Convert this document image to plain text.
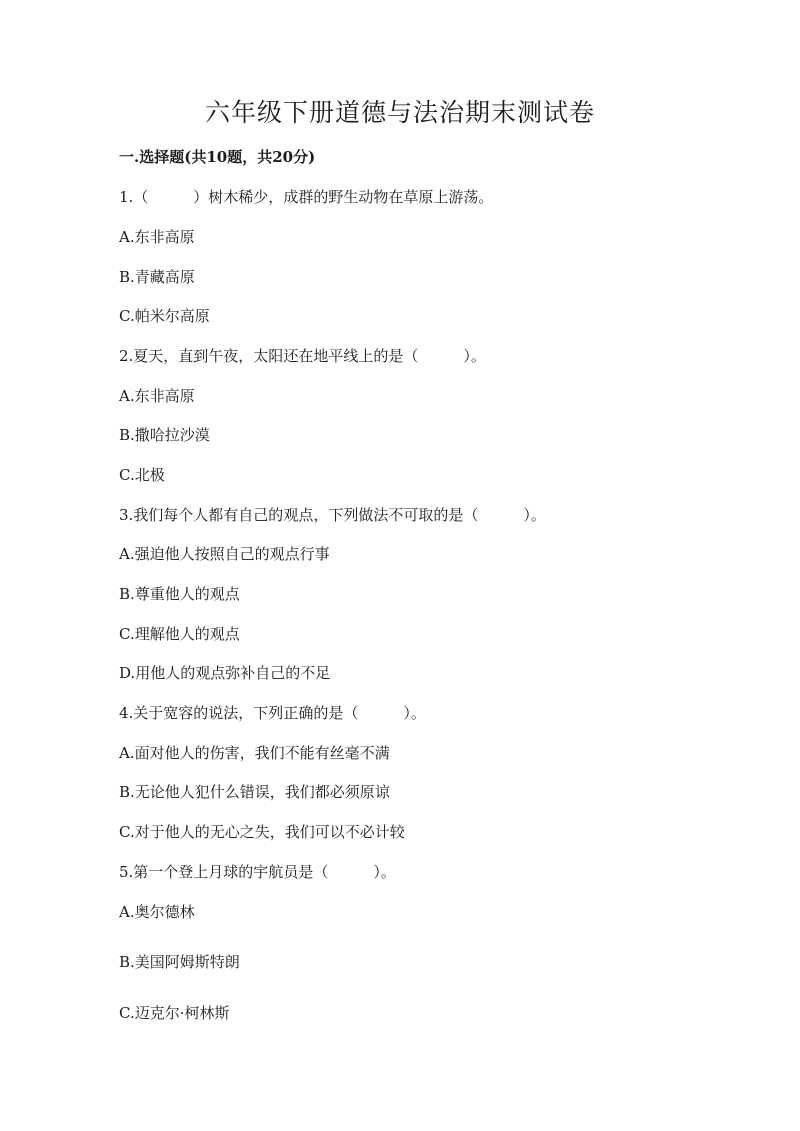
六年级下册道德与法治期末测试卷
一.选择题(共10题，共20分)
1.（　　　）树木稀少，成群的野生动物在草原上游荡。
A.东非高原
B.青藏高原
C.帕米尔高原
2.夏天，直到午夜，太阳还在地平线上的是（　　　）。
A.东非高原
B.撒哈拉沙漠
C.北极
3.我们每个人都有自己的观点，下列做法不可取的是（　　　）。
A.强迫他人按照自己的观点行事
B.尊重他人的观点
C.理解他人的观点
D.用他人的观点弥补自己的不足
4.关于宽容的说法，下列正确的是（　　　）。
A.面对他人的伤害，我们不能有丝毫不满
B.无论他人犯什么错误，我们都必须原谅
C.对于他人的无心之失，我们可以不必计较
5.第一个登上月球的宇航员是（　　　）。
A.奥尔德林
B.美国阿姆斯特朗
C.迈克尔·柯林斯
